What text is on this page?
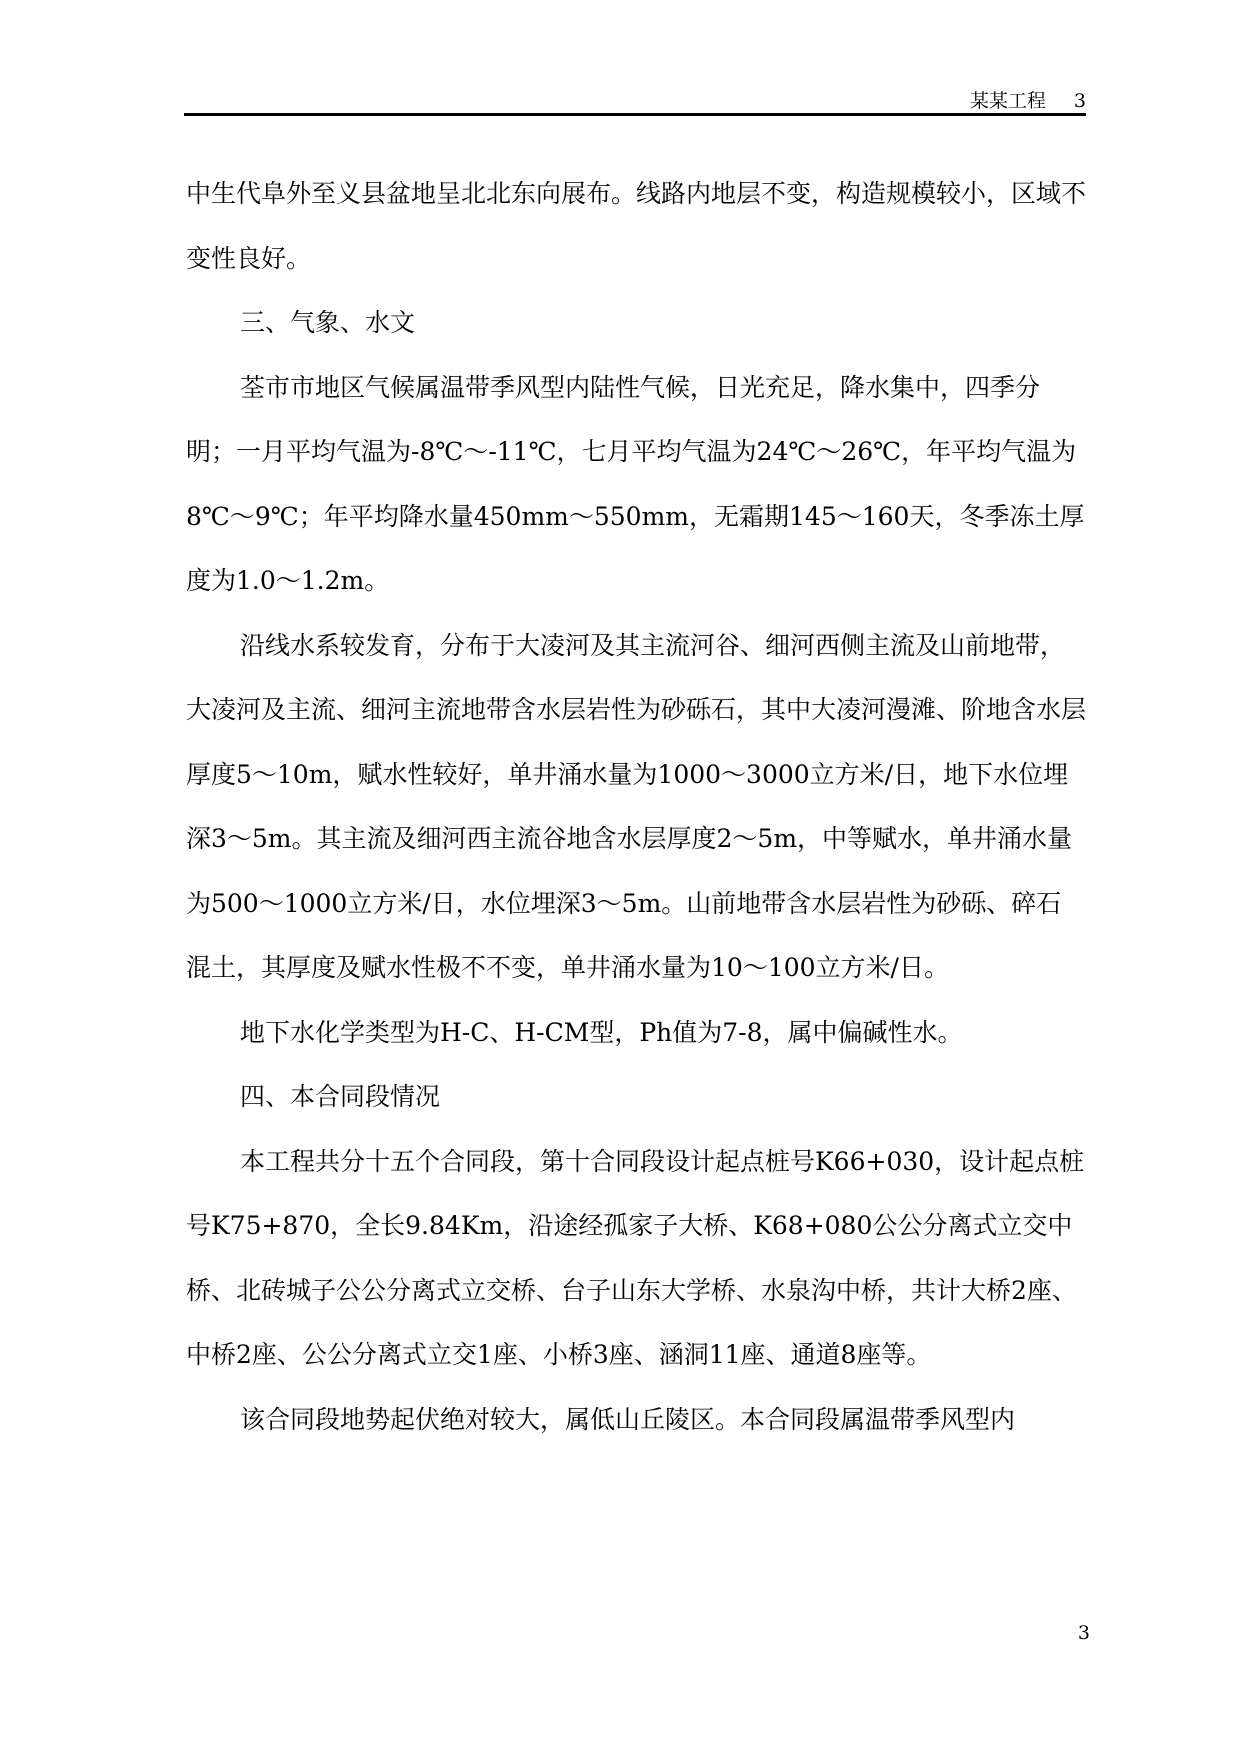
某某工程 3

中生代阜外至义县盆地呈北北东向展布。线路内地层不变，构造规模较小，区域不变性良好。

三、气象、水文

荃市市地区气候属温带季风型内陆性气候，日光充足，降水集中，四季分明；一月平均气温为-8℃～-11℃，七月平均气温为24℃～26℃，年平均气温为8℃～9℃；年平均降水量450mm～550mm，无霜期145～160天，冬季冻土厚度为1.0～1.2m。

沿线水系较发育，分布于大凌河及其主流河谷、细河西侧主流及山前地带，大凌河及主流、细河主流地带含水层岩性为砂砾石，其中大凌河漫滩、阶地含水层厚度5～10m，赋水性较好，单井涌水量为1000～3000立方米/日，地下水位埋深3～5m。其主流及细河西主流谷地含水层厚度2～5m，中等赋水，单井涌水量为500～1000立方米/日，水位埋深3～5m。山前地带含水层岩性为砂砾、碎石混土，其厚度及赋水性极不不变，单井涌水量为10～100立方米/日。

地下水化学类型为H-C、H-CM型，Ph值为7-8，属中偏碱性水。

四、本合同段情况

本工程共分十五个合同段，第十合同段设计起点桩号K66+030，设计起点桩号K75+870，全长9.84Km，沿途经孤家子大桥、K68+080公公分离式立交中桥、北砖城子公公分离式立交桥、台子山东大学桥、水泉沟中桥，共计大桥2座、中桥2座、公公分离式立交1座、小桥3座、涵洞11座、通道8座等。

该合同段地势起伏绝对较大，属低山丘陵区。本合同段属温带季风型内

3
